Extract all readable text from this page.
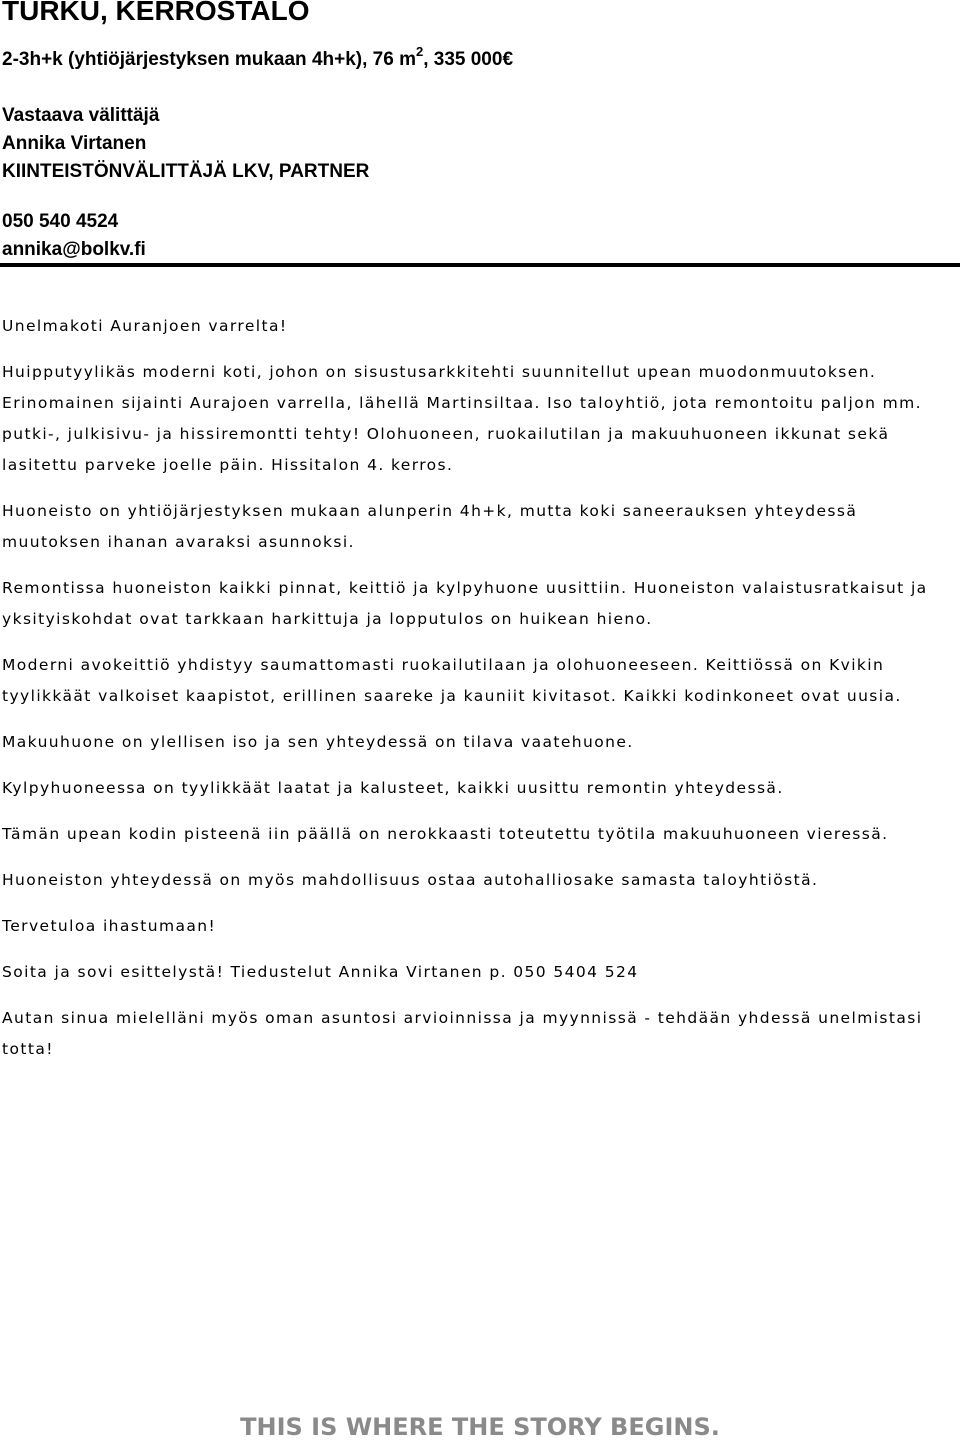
TURKU, KERROSTALO
2-3h+k (yhtiöjärjestyksen mukaan 4h+k), 76 $m^2$, 335 000€
Vastaava välittäjä
Annika Virtanen
KIINTEISTÖNVÄLITTÄJÄ LKV, PARTNER
050 540 4524
annika@bolkv.fi

Unelmakoti Auranjoen varrelta!

Huipputyylikäs moderni koti, johon on sisustusarkkitehti suunnitellut upean muodonmuutoksen. Erinomainen sijainti Aurajoen varrella, lähellä Martinsiltaa. Iso taloyhtiö, jota remontoitu paljon mm. putki-, julkisivu- ja hissiremontti tehty! Olohuoneen, ruokailutilan ja makuuhuoneen ikkunat sekä lasitettu parveke joelle päin. Hissitalon 4. kerros.

Huoneisto on yhtiöjärjestyksen mukaan alunperin 4h+k, mutta koki saneerauksen yhteydessä muutoksen ihanan avaraksi asunnoksi.

Remontissa huoneiston kaikki pinnat, keittiö ja kylpyhuone uusittiin. Huoneiston valaistusratkaisut ja yksityiskohdat ovat tarkkaan harkittuja ja lopputulos on huikean hieno.

Moderni avokeittiö yhdistyy saumattomasti ruokailutilaan ja olohuoneeseen. Keittiössä on Kvikin tyylikkäät valkoiset kaapistot, erillinen saareke ja kauniit kivitasot. Kaikki kodinkoneet ovat uusia.

Makuuhuone on ylellisen iso ja sen yhteydessä on tilava vaatehuone.

Kylpyhuoneessa on tyylikkäät laatat ja kalusteet, kaikki uusittu remontin yhteydessä.

Tämän upean kodin pisteenä iin päällä on nerokkaasti toteutettu työtila makuuhuoneen vieressä.

Huoneiston yhteydessä on myös mahdollisuus ostaa autohalliosake samasta taloyhtiöstä.

Tervetuloa ihastumaan!

Soita ja sovi esittelystä! Tiedustelut Annika Virtanen p. 050 5404 524

Autan sinua mielelläni myös oman asuntosi arvioinnissa ja myynnissä - tehdään yhdessä unelmistasi totta!

THIS IS WHERE THE STORY BEGINS.
